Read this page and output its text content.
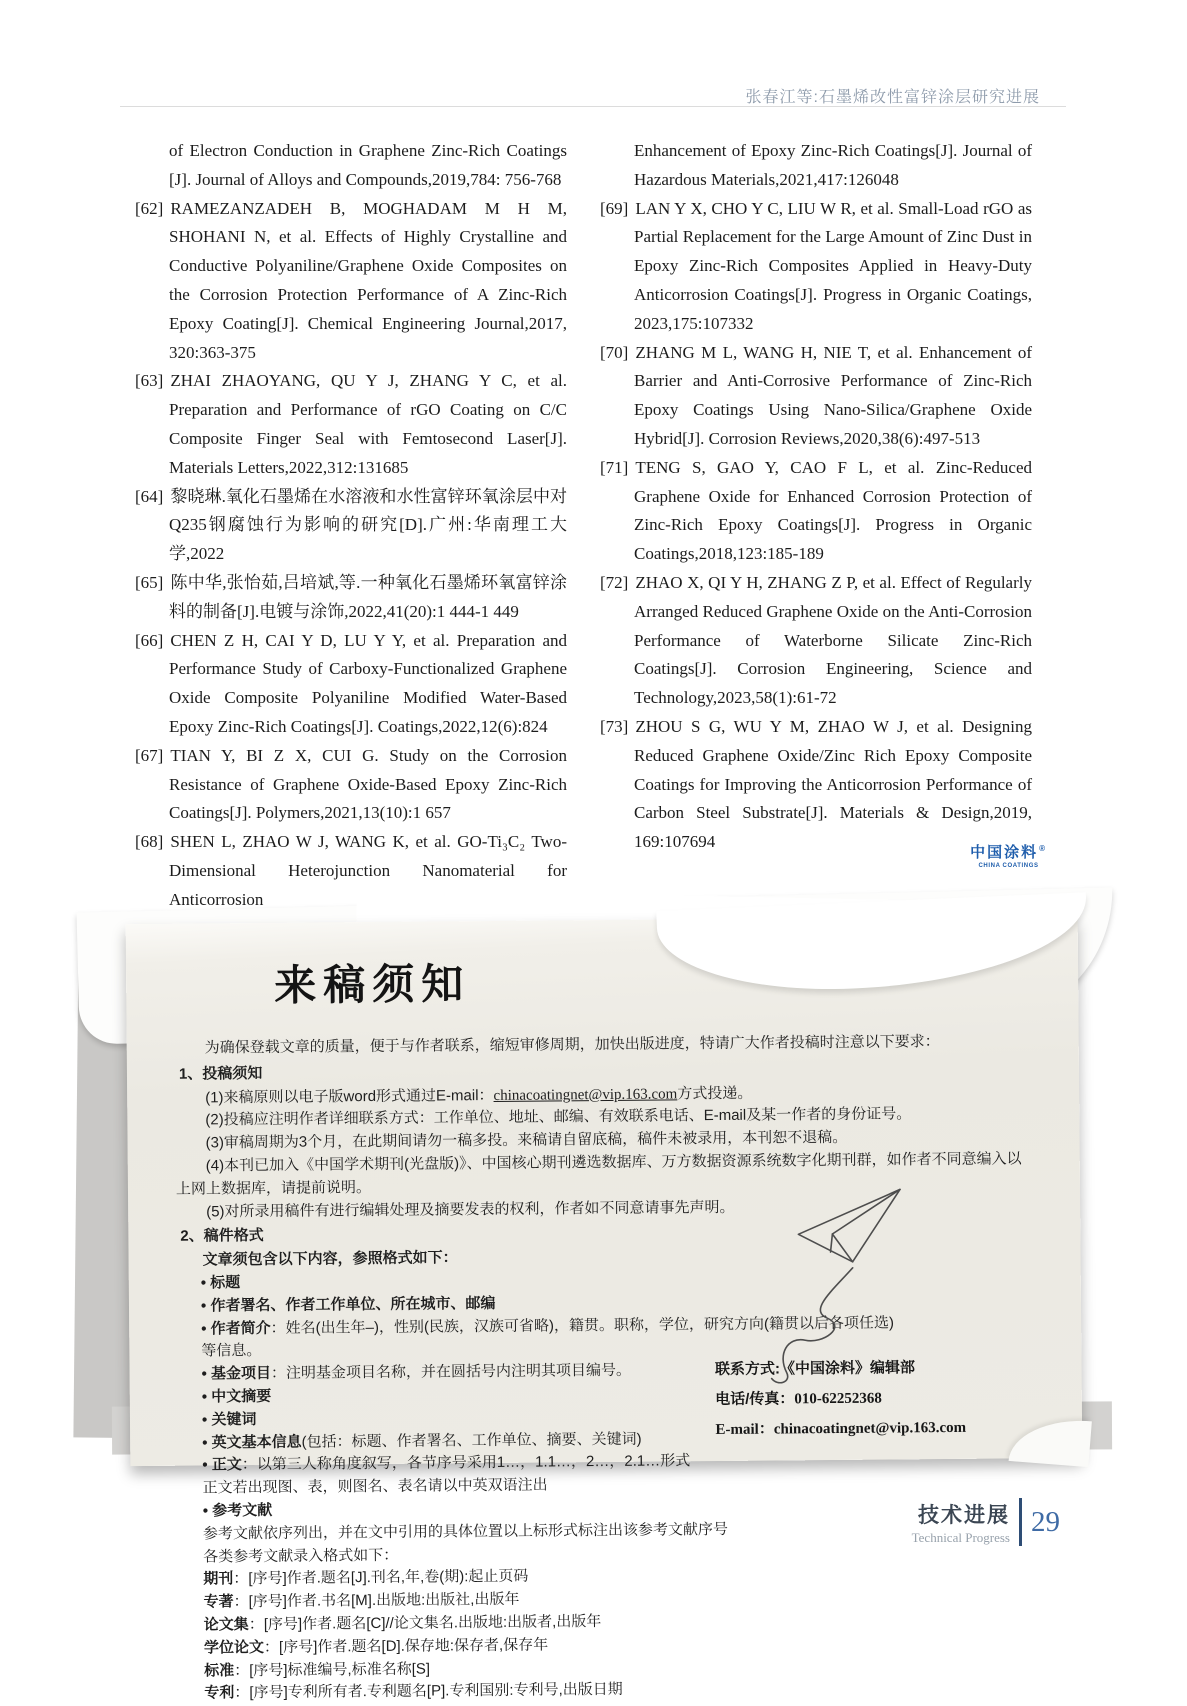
张春江等:石墨烯改性富锌涂层研究进展

of Electron Conduction in Graphene Zinc-Rich Coatings [J]. Journal of Alloys and Compounds,2019,784: 756-768

[62] RAMEZANZADEH B, MOGHADAM M H M, SHOHANI N, et al. Effects of Highly Crystalline and Conductive Polyaniline/Graphene Oxide Composites on the Corrosion Protection Performance of A Zinc-Rich Epoxy Coating[J]. Chemical Engineering Journal,2017, 320:363-375

[63] ZHAI ZHAOYANG, QU Y J, ZHANG Y C, et al. Preparation and Performance of rGO Coating on C/C Composite Finger Seal with Femtosecond Laser[J]. Materials Letters,2022,312:131685

[64] 黎晓琳.氧化石墨烯在水溶液和水性富锌环氧涂层中对Q235钢腐蚀行为影响的研究[D].广州:华南理工大学,2022

[65] 陈中华,张怡茹,吕培斌,等.一种氧化石墨烯环氧富锌涂料的制备[J].电镀与涂饰,2022,41(20):1 444-1 449

[66] CHEN Z H, CAI Y D, LU Y Y, et al. Preparation and Performance Study of Carboxy-Functionalized Graphene Oxide Composite Polyaniline Modified Water-Based Epoxy Zinc-Rich Coatings[J]. Coatings,2022,12(6):824

[67] TIAN Y, BI Z X, CUI G. Study on the Corrosion Resistance of Graphene Oxide-Based Epoxy Zinc-Rich Coatings[J]. Polymers,2021,13(10):1 657

[68] SHEN L, ZHAO W J, WANG K, et al. GO-Ti₃C₂ Two-Dimensional Heterojunction Nanomaterial for Anticorrosion

Enhancement of Epoxy Zinc-Rich Coatings[J]. Journal of Hazardous Materials,2021,417:126048

[69] LAN Y X, CHO Y C, LIU W R, et al. Small-Load rGO as Partial Replacement for the Large Amount of Zinc Dust in Epoxy Zinc-Rich Composites Applied in Heavy-Duty Anticorrosion Coatings[J]. Progress in Organic Coatings, 2023,175:107332

[70] ZHANG M L, WANG H, NIE T, et al. Enhancement of Barrier and Anti-Corrosive Performance of Zinc-Rich Epoxy Coatings Using Nano-Silica/Graphene Oxide Hybrid[J]. Corrosion Reviews,2020,38(6):497-513

[71] TENG S, GAO Y, CAO F L, et al. Zinc-Reduced Graphene Oxide for Enhanced Corrosion Protection of Zinc-Rich Epoxy Coatings[J]. Progress in Organic Coatings,2018,123:185-189

[72] ZHAO X, QI Y H, ZHANG Z P, et al. Effect of Regularly Arranged Reduced Graphene Oxide on the Anti-Corrosion Performance of Waterborne Silicate Zinc-Rich Coatings[J]. Corrosion Engineering, Science and Technology,2023,58(1):61-72

[73] ZHOU S G, WU Y M, ZHAO W J, et al. Designing Reduced Graphene Oxide/Zinc Rich Epoxy Composite Coatings for Improving the Anticorrosion Performance of Carbon Steel Substrate[J]. Materials & Design,2019, 169:107694

中国涂料®
CHINA COATINGS
来稿须知

为确保登载文章的质量，便于与作者联系，缩短审修周期，加快出版进度，特请广大作者投稿时注意以下要求：

1、投稿须知

(1)来稿原则以电子版word形式通过E-mail：chinacoatingnet@vip.163.com方式投递。

(2)投稿应注明作者详细联系方式：工作单位、地址、邮编、有效联系电话、E-mail及某一作者的身份证号。

(3)审稿周期为3个月，在此期间请勿一稿多投。来稿请自留底稿，稿件未被录用，本刊恕不退稿。

(4)本刊已加入《中国学术期刊(光盘版)》、中国核心期刊遴选数据库、万方数据资源系统数字化期刊群，如作者不同意编入以上网上数据库，请提前说明。

(5)对所录用稿件有进行编辑处理及摘要发表的权利，作者如不同意请事先声明。

2、稿件格式

文章须包含以下内容，参照格式如下：

• 标题

• 作者署名、作者工作单位、所在城市、邮编

• 作者简介：姓名(出生年–)，性别(民族，汉族可省略)，籍贯。职称，学位，研究方向(籍贯以后各项任选)等信息。

• 基金项目：注明基金项目名称，并在圆括号内注明其项目编号。

• 中文摘要

• 关键词

• 英文基本信息(包括：标题、作者署名、工作单位、摘要、关键词)

• 正文：以第三人称角度叙写，各节序号采用1…，1.1…，2…，2.1…形式

正文若出现图、表，则图名、表名请以中英双语注出

• 参考文献

参考文献依序列出，并在文中引用的具体位置以上标形式标注出该参考文献序号

各类参考文献录入格式如下：

期刊：[序号]作者.题名[J].刊名,年,卷(期):起止页码

专著：[序号]作者.书名[M].出版地:出版社,出版年

论文集：[序号]作者.题名[C]//论文集名.出版地:出版者,出版年

学位论文：[序号]作者.题名[D].保存地:保存者,保存年

标准：[序号]标准编号,标准名称[S]

专利：[序号]专利所有者.专利题名[P].专利国别:专利号,出版日期

联系方式:《中国涂料》编辑部
电话/传真：010-62252368
E-mail：chinacoatingnet@vip.163.com
技术进展
Technical Progress 29
